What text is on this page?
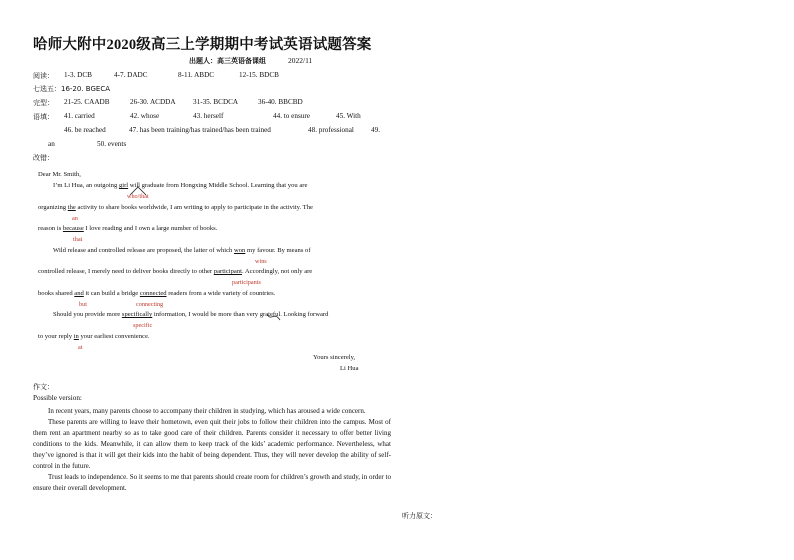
哈师大附中2020级高三上学期期中考试英语试题答案
出题人：高三英语备课组	2022/11
阅读： 1-3. DCB	4-7. DADC	8-11. ABDC	12-15. BDCB
七选五：16-20. BGECA
完型： 21-25. CAADB	26-30. ACDDA 31-35. BCDCA	36-40. BBCBD
语填： 41. carried	42. whose	43. herself	44. to ensure	45. With
46. be reached	47. has been training/has trained/has been trained	48. professional 49.
an	50. events
改错：
Dear Mr. Smith,
I’m Li Hua, an outgoing girl will graduate from Hongxing Middle School. Learning that you are
who/that
organizing the activity to share books worldwide, I am writing to apply to participate in the activity. The
an
reason is because I love reading and I own a large number of books.
that
Wild release and controlled release are proposed, the latter of which won my favour. By means of
wins
controlled release, I merely need to deliver books directly to other participant. Accordingly, not only are
participants
books shared and it can build a bridge connected readers from a wide variety of countries.
but	connecting
Should you provide more specifically information, I would be more than very grateful. Looking forward
specific
to your reply in your earliest convenience.
at
Yours sincerely,
Li Hua
作文：
Possible version:

In recent years, many parents choose to accompany their children in studying, which has aroused a wide concern.

These parents are willing to leave their hometown, even quit their jobs to follow their children into the campus. Most of them rent an apartment nearby so as to take good care of their children. Parents consider it necessary to offer better living conditions to the kids. Meanwhile, it can allow them to keep track of the kids’ academic performance. Nevertheless, what they’ve ignored is that it will get their kids into the habit of being dependent. Thus, they will never develop the ability of self-control in the future.

Trust leads to independence. So it seems to me that parents should create room for children’s growth and study, in order to ensure their overall development.

听力原文：
